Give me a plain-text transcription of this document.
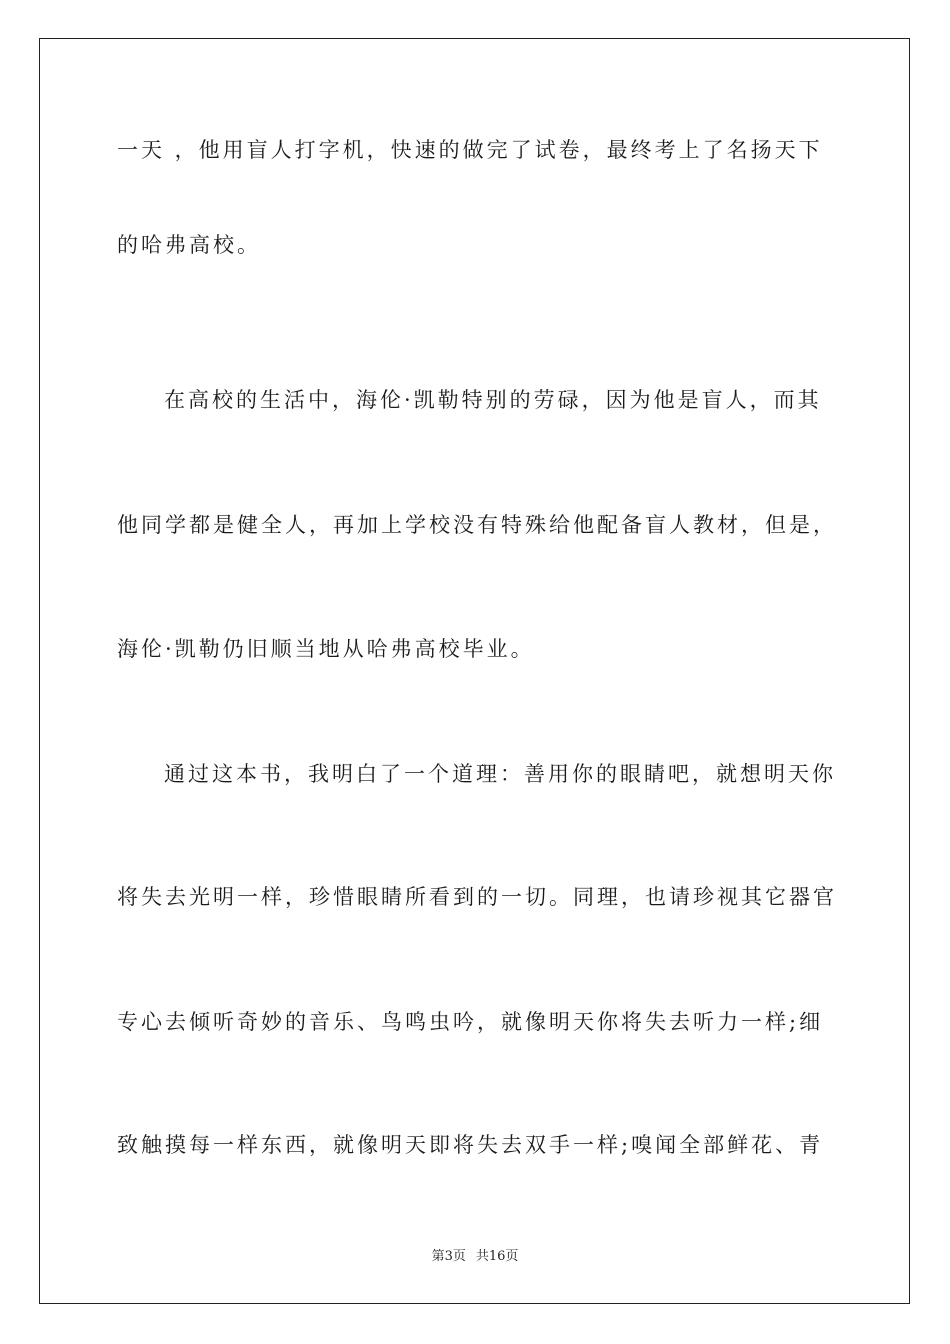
一天 ，他用盲人打字机，快速的做完了试卷，最终考上了名扬天下
的哈弗高校。
在高校的生活中，海伦·凯勒特别的劳碌，因为他是盲人，而其
他同学都是健全人，再加上学校没有特殊给他配备盲人教材，但是，
海伦·凯勒仍旧顺当地从哈弗高校毕业。
通过这本书，我明白了一个道理：善用你的眼睛吧，就想明天你
将失去光明一样，珍惜眼睛所看到的一切。同理，也请珍视其它器官
专心去倾听奇妙的音乐、鸟鸣虫吟，就像明天你将失去听力一样;细
致触摸每一样东西，就像明天即将失去双手一样;嗅闻全部鲜花、青
第3页 共16页
